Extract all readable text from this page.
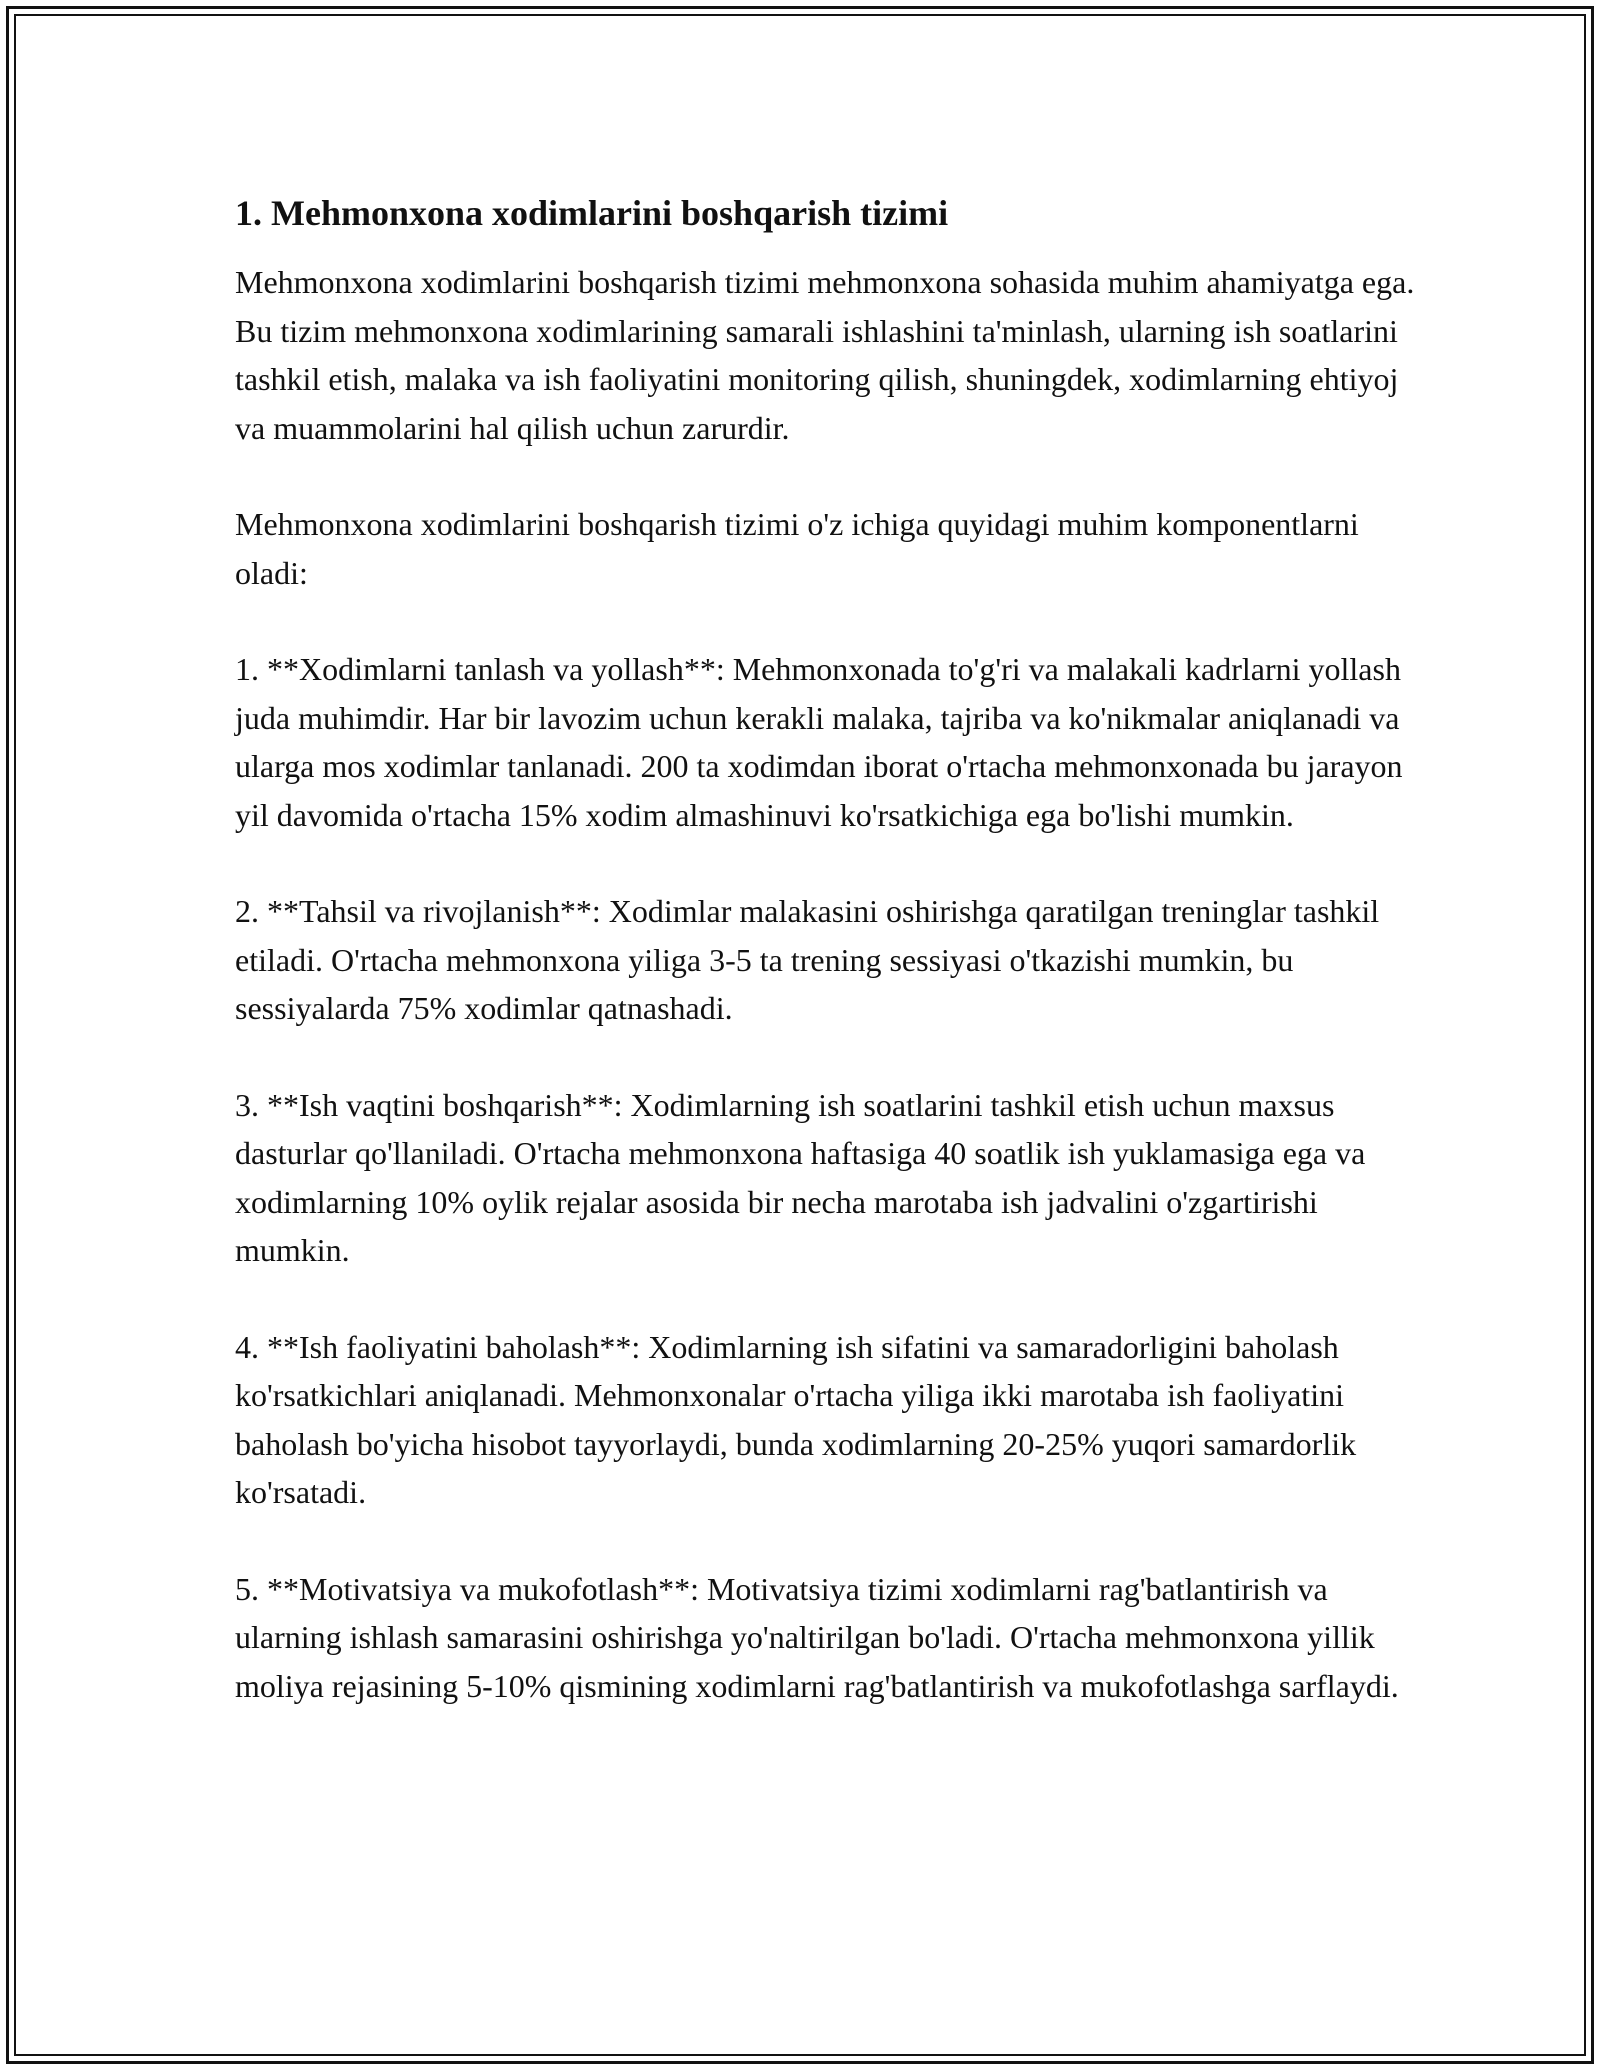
1. Mehmonxona xodimlarini boshqarish tizimi

Mehmonxona xodimlarini boshqarish tizimi mehmonxona sohasida muhim ahamiyatga ega. Bu tizim mehmonxona xodimlarining samarali ishlashini ta'minlash, ularning ish soatlarini tashkil etish, malaka va ish faoliyatini monitoring qilish, shuningdek, xodimlarning ehtiyoj va muammolarini hal qilish uchun zarurdir.

Mehmonxona xodimlarini boshqarish tizimi o'z ichiga quyidagi muhim komponentlarni oladi:

1. **Xodimlarni tanlash va yollash**: Mehmonxonada to'g'ri va malakali kadrlarni yollash juda muhimdir. Har bir lavozim uchun kerakli malaka, tajriba va ko'nikmalar aniqlanadi va ularga mos xodimlar tanlanadi. 200 ta xodimdan iborat o'rtacha mehmonxonada bu jarayon yil davomida o'rtacha 15% xodim almashinuvi ko'rsatkichiga ega bo'lishi mumkin.

2. **Tahsil va rivojlanish**: Xodimlar malakasini oshirishga qaratilgan treninglar tashkil etiladi. O'rtacha mehmonxona yiliga 3-5 ta trening sessiyasi o'tkazishi mumkin, bu sessiyalarda 75% xodimlar qatnashadi.

3. **Ish vaqtini boshqarish**: Xodimlarning ish soatlarini tashkil etish uchun maxsus dasturlar qo'llaniladi. O'rtacha mehmonxona haftasiga 40 soatlik ish yuklamasiga ega va xodimlarning 10% oylik rejalar asosida bir necha marotaba ish jadvalini o'zgartirishi mumkin.

4. **Ish faoliyatini baholash**: Xodimlarning ish sifatini va samaradorligini baholash ko'rsatkichlari aniqlanadi. Mehmonxonalar o'rtacha yiliga ikki marotaba ish faoliyatini baholash bo'yicha hisobot tayyorlaydi, bunda xodimlarning 20-25% yuqori samardorlik ko'rsatadi.

5. **Motivatsiya va mukofotlash**: Motivatsiya tizimi xodimlarni rag'batlantirish va ularning ishlash samarasini oshirishga yo'naltirilgan bo'ladi. O'rtacha mehmonxona yillik moliya rejasining 5-10% qismining xodimlarni rag'batlantirish va mukofotlashga sarflaydi.
